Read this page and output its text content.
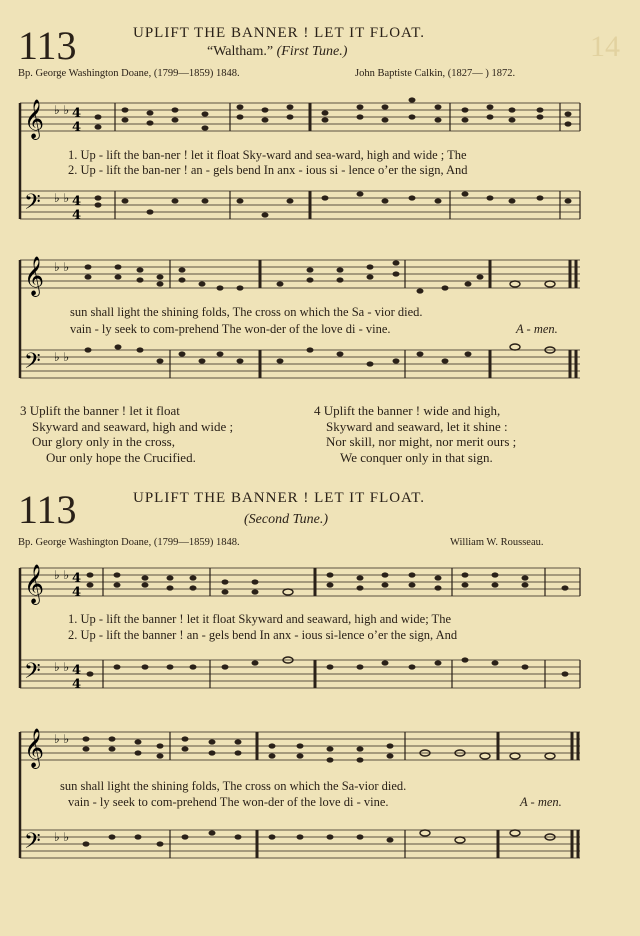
113	UPLIFT THE BANNER ! LET IT FLOAT.	14
“Waltham.” (First Tune.)
Bp. George Washington Doane, (1799—1859) 1848.	John Baptiste Calkin, (1827— ) 1872.
𝄞
𝄢
♭ ♭
♭ ♭
4
4
4
4
1. Up - lift the ban-ner ! let it float Sky-ward and sea-ward, high and wide ; The
2. Up - lift the ban-ner ! an - gels bend In anx - ious si - lence o’er the sign, And
𝄞
𝄢
♭ ♭
♭ ♭
sun shall light the shining folds, The cross on which the Sa - vior died.
vain - ly seek to com-prehend The won-der of the love di - vine.	A - men.
3 Uplift the banner ! let it float
Skyward and seaward, high and wide ;
Our glory only in the cross,
Our only hope the Crucified.
4 Uplift the banner ! wide and high,
Skyward and seaward, let it shine :
Nor skill, nor might, nor merit ours ;
We conquer only in that sign.
113	UPLIFT THE BANNER ! LET IT FLOAT.
(Second Tune.)
Bp. George Washington Doane, (1799—1859) 1848.	William W. Rousseau.
𝄞
𝄢
♭ ♭
♭ ♭
4
4
4
4
1. Up - lift the banner ! let it float Skyward and seaward, high and wide; The
2. Up - lift the banner ! an - gels bend In anx - ious si-lence o’er the sign, And
𝄞
𝄢
♭ ♭
♭ ♭
sun shall light the shining folds, The cross on which the Sa-vior died.
vain - ly seek to com-prehend The won-der of the love di - vine.	A - men.
